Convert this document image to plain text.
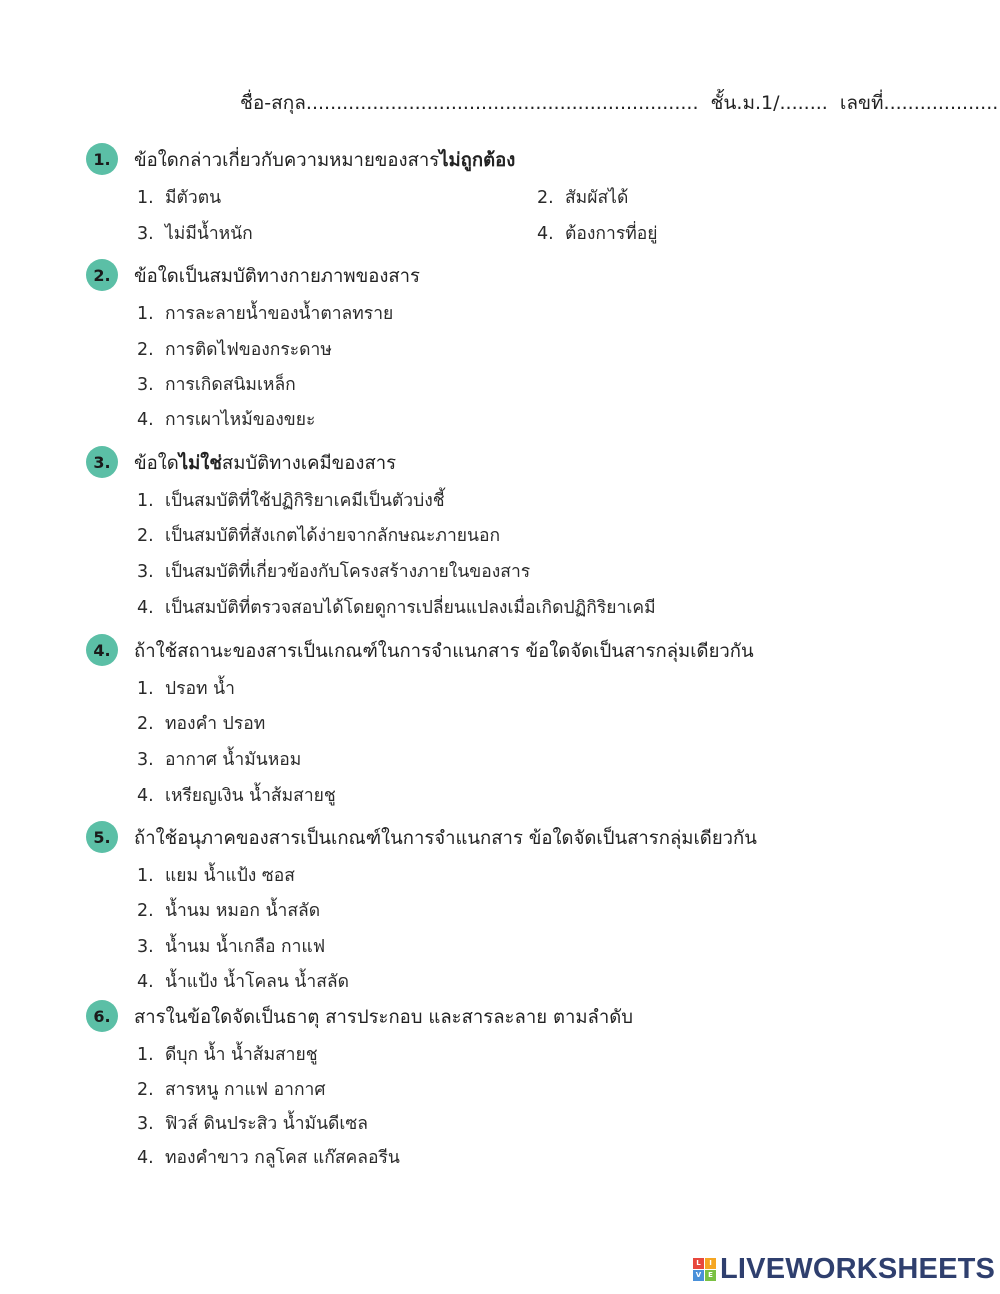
ชื่อ-สกุล................................................................. ชั้น.ม.1/........ เลขที่...................
1.	ข้อใดกล่าวเกี่ยวกับความหมายของสารไม่ถูกต้อง
1. มีตัวตน	2. สัมผัสได้
3. ไม่มีน้ำหนัก	4. ต้องการที่อยู่
2.	ข้อใดเป็นสมบัติทางกายภาพของสาร
1. การละลายน้ำของน้ำตาลทราย
2. การติดไฟของกระดาษ
3. การเกิดสนิมเหล็ก
4. การเผาไหม้ของขยะ
3.	ข้อใดไม่ใช่สมบัติทางเคมีของสาร
1. เป็นสมบัติที่ใช้ปฏิกิริยาเคมีเป็นตัวบ่งชี้
2. เป็นสมบัติที่สังเกตได้ง่ายจากลักษณะภายนอก
3. เป็นสมบัติที่เกี่ยวข้องกับโครงสร้างภายในของสาร
4. เป็นสมบัติที่ตรวจสอบได้โดยดูการเปลี่ยนแปลงเมื่อเกิดปฏิกิริยาเคมี
4.	ถ้าใช้สถานะของสารเป็นเกณฑ์ในการจำแนกสาร ข้อใดจัดเป็นสารกลุ่มเดียวกัน
1. ปรอท น้ำ
2. ทองคำ ปรอท
3. อากาศ น้ำมันหอม
4. เหรียญเงิน น้ำส้มสายชู
5.	ถ้าใช้อนุภาคของสารเป็นเกณฑ์ในการจำแนกสาร ข้อใดจัดเป็นสารกลุ่มเดียวกัน
1. แยม น้ำแป้ง ซอส
2. น้ำนม หมอก น้ำสลัด
3. น้ำนม น้ำเกลือ กาแฟ
4. น้ำแป้ง น้ำโคลน น้ำสลัด
6.	สารในข้อใดจัดเป็นธาตุ สารประกอบ และสารละลาย ตามลำดับ
1. ดีบุก น้ำ น้ำส้มสายชู
2. สารหนู กาแฟ อากาศ
3. ฟิวส์ ดินประสิว น้ำมันดีเซล
4. ทองคำขาว กลูโคส แก๊สคลอรีน
L	I
V E LIVEWORKSHEETS
